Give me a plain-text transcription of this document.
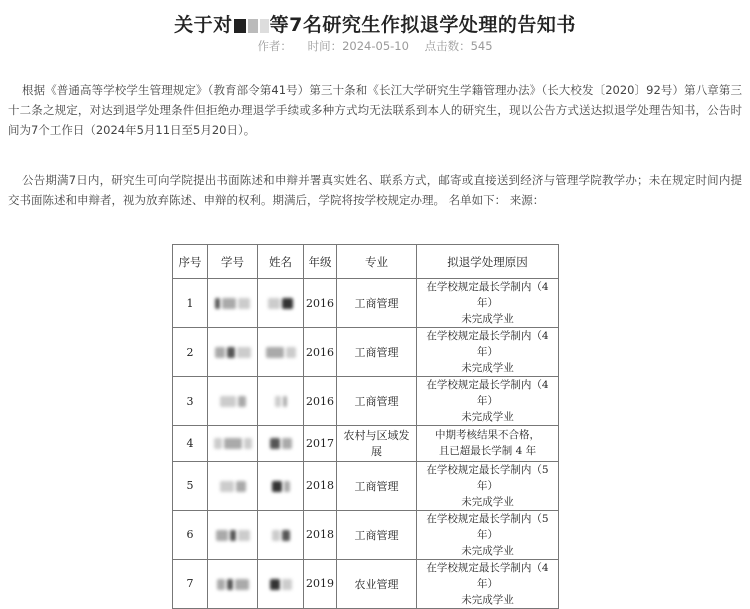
关于对 等7名研究生作拟退学处理的告知书
作者： 时间：2024-05-10 点击数：545

根据《普通高等学校学生管理规定》（教育部令第41号）第三十条和《长江大学研究生学籍管理办法》（长大校发〔2020〕92号）第八章第三十二条之规定，对达到退学处理条件但拒绝办理退学手续或多种方式均无法联系到本人的研究生，现以公告方式送达拟退学处理告知书，公告时间为7个工作日（2024年5月11日至5月20日）。

公告期满7日内，研究生可向学院提出书面陈述和申辩并署真实姓名、联系方式，邮寄或直接送到经济与管理学院教学办；未在规定时间内提交书面陈述和申辩者，视为放弃陈述、申辩的权利。期满后，学院将按学校规定办理。 名单如下： 来源：

序号	学号	姓名	年级	专业	拟退学处理原因
1			2016	工商管理	在学校规定最长学制内（4年）
未完成学业

2			2016	工商管理	在学校规定最长学制内（4年）
未完成学业

3			2016	工商管理	在学校规定最长学制内（4年）
未完成学业

4			2017	农村与区域发展	中期考核结果不合格，
且已超最长学制 4 年

5			2018	工商管理	在学校规定最长学制内（5年）
未完成学业

6			2018	工商管理	在学校规定最长学制内（5年）
未完成学业

7			2019	农业管理	在学校规定最长学制内（4年）
未完成学业
